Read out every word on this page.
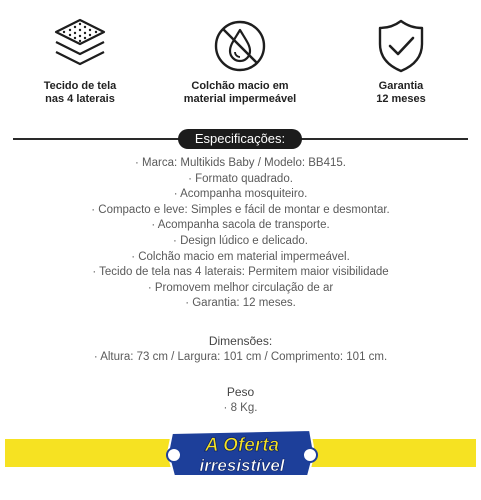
Tecido de tela
nas 4 laterais
Colchão macio em
material impermeável
Garantia
12 meses
Especificações:
· Marca: Multikids Baby / Modelo: BB415.
· Formato quadrado.
· Acompanha mosquiteiro.
· Compacto e leve: Simples e fácil de montar e desmontar.
· Acompanha sacola de transporte.
· Design lúdico e delicado.
· Colchão macio em material impermeável.
· Tecido de tela nas 4 laterais: Permitem maior visibilidade
· Promovem melhor circulação de ar
· Garantia: 12 meses.
Dimensões:
· Altura: 73 cm / Largura: 101 cm / Comprimento: 101 cm.
Peso
· 8 Kg.
A Oferta
irresistível
